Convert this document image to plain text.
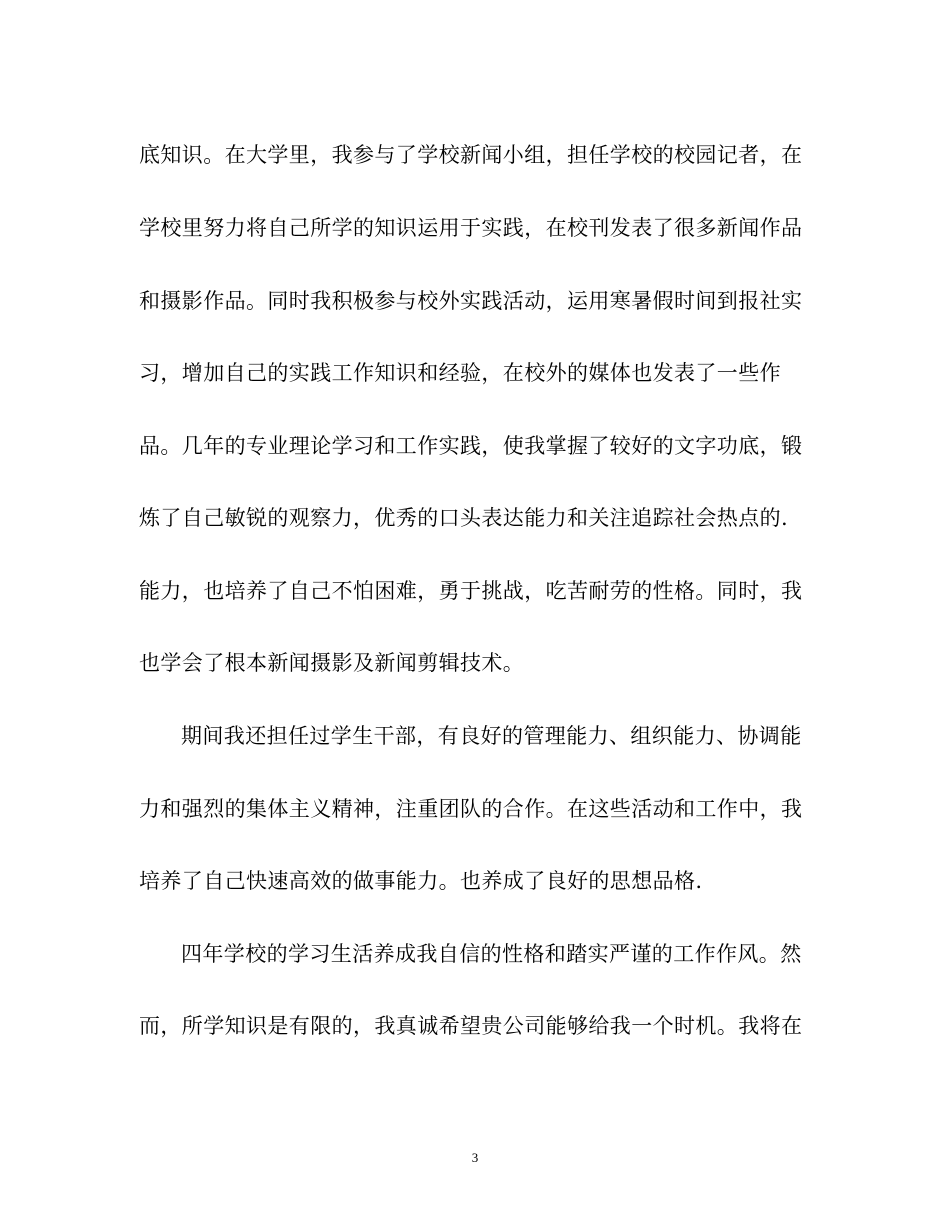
底知识。在大学里，我参与了学校新闻小组，担任学校的校园记者，在
学校里努力将自己所学的知识运用于实践，在校刊发表了很多新闻作品
和摄影作品。同时我积极参与校外实践活动，运用寒暑假时间到报社实
习，增加自己的实践工作知识和经验，在校外的媒体也发表了一些作
品。几年的专业理论学习和工作实践，使我掌握了较好的文字功底，锻
炼了自己敏锐的观察力，优秀的口头表达能力和关注追踪社会热点的.
能力，也培养了自己不怕困难，勇于挑战，吃苦耐劳的性格。同时，我
也学会了根本新闻摄影及新闻剪辑技术。
期间我还担任过学生干部，有良好的管理能力、组织能力、协调能
力和强烈的集体主义精神，注重团队的合作。在这些活动和工作中，我
培养了自己快速高效的做事能力。也养成了良好的思想品格.
四年学校的学习生活养成我自信的性格和踏实严谨的工作作风。然
而，所学知识是有限的，我真诚希望贵公司能够给我一个时机。我将在
3
